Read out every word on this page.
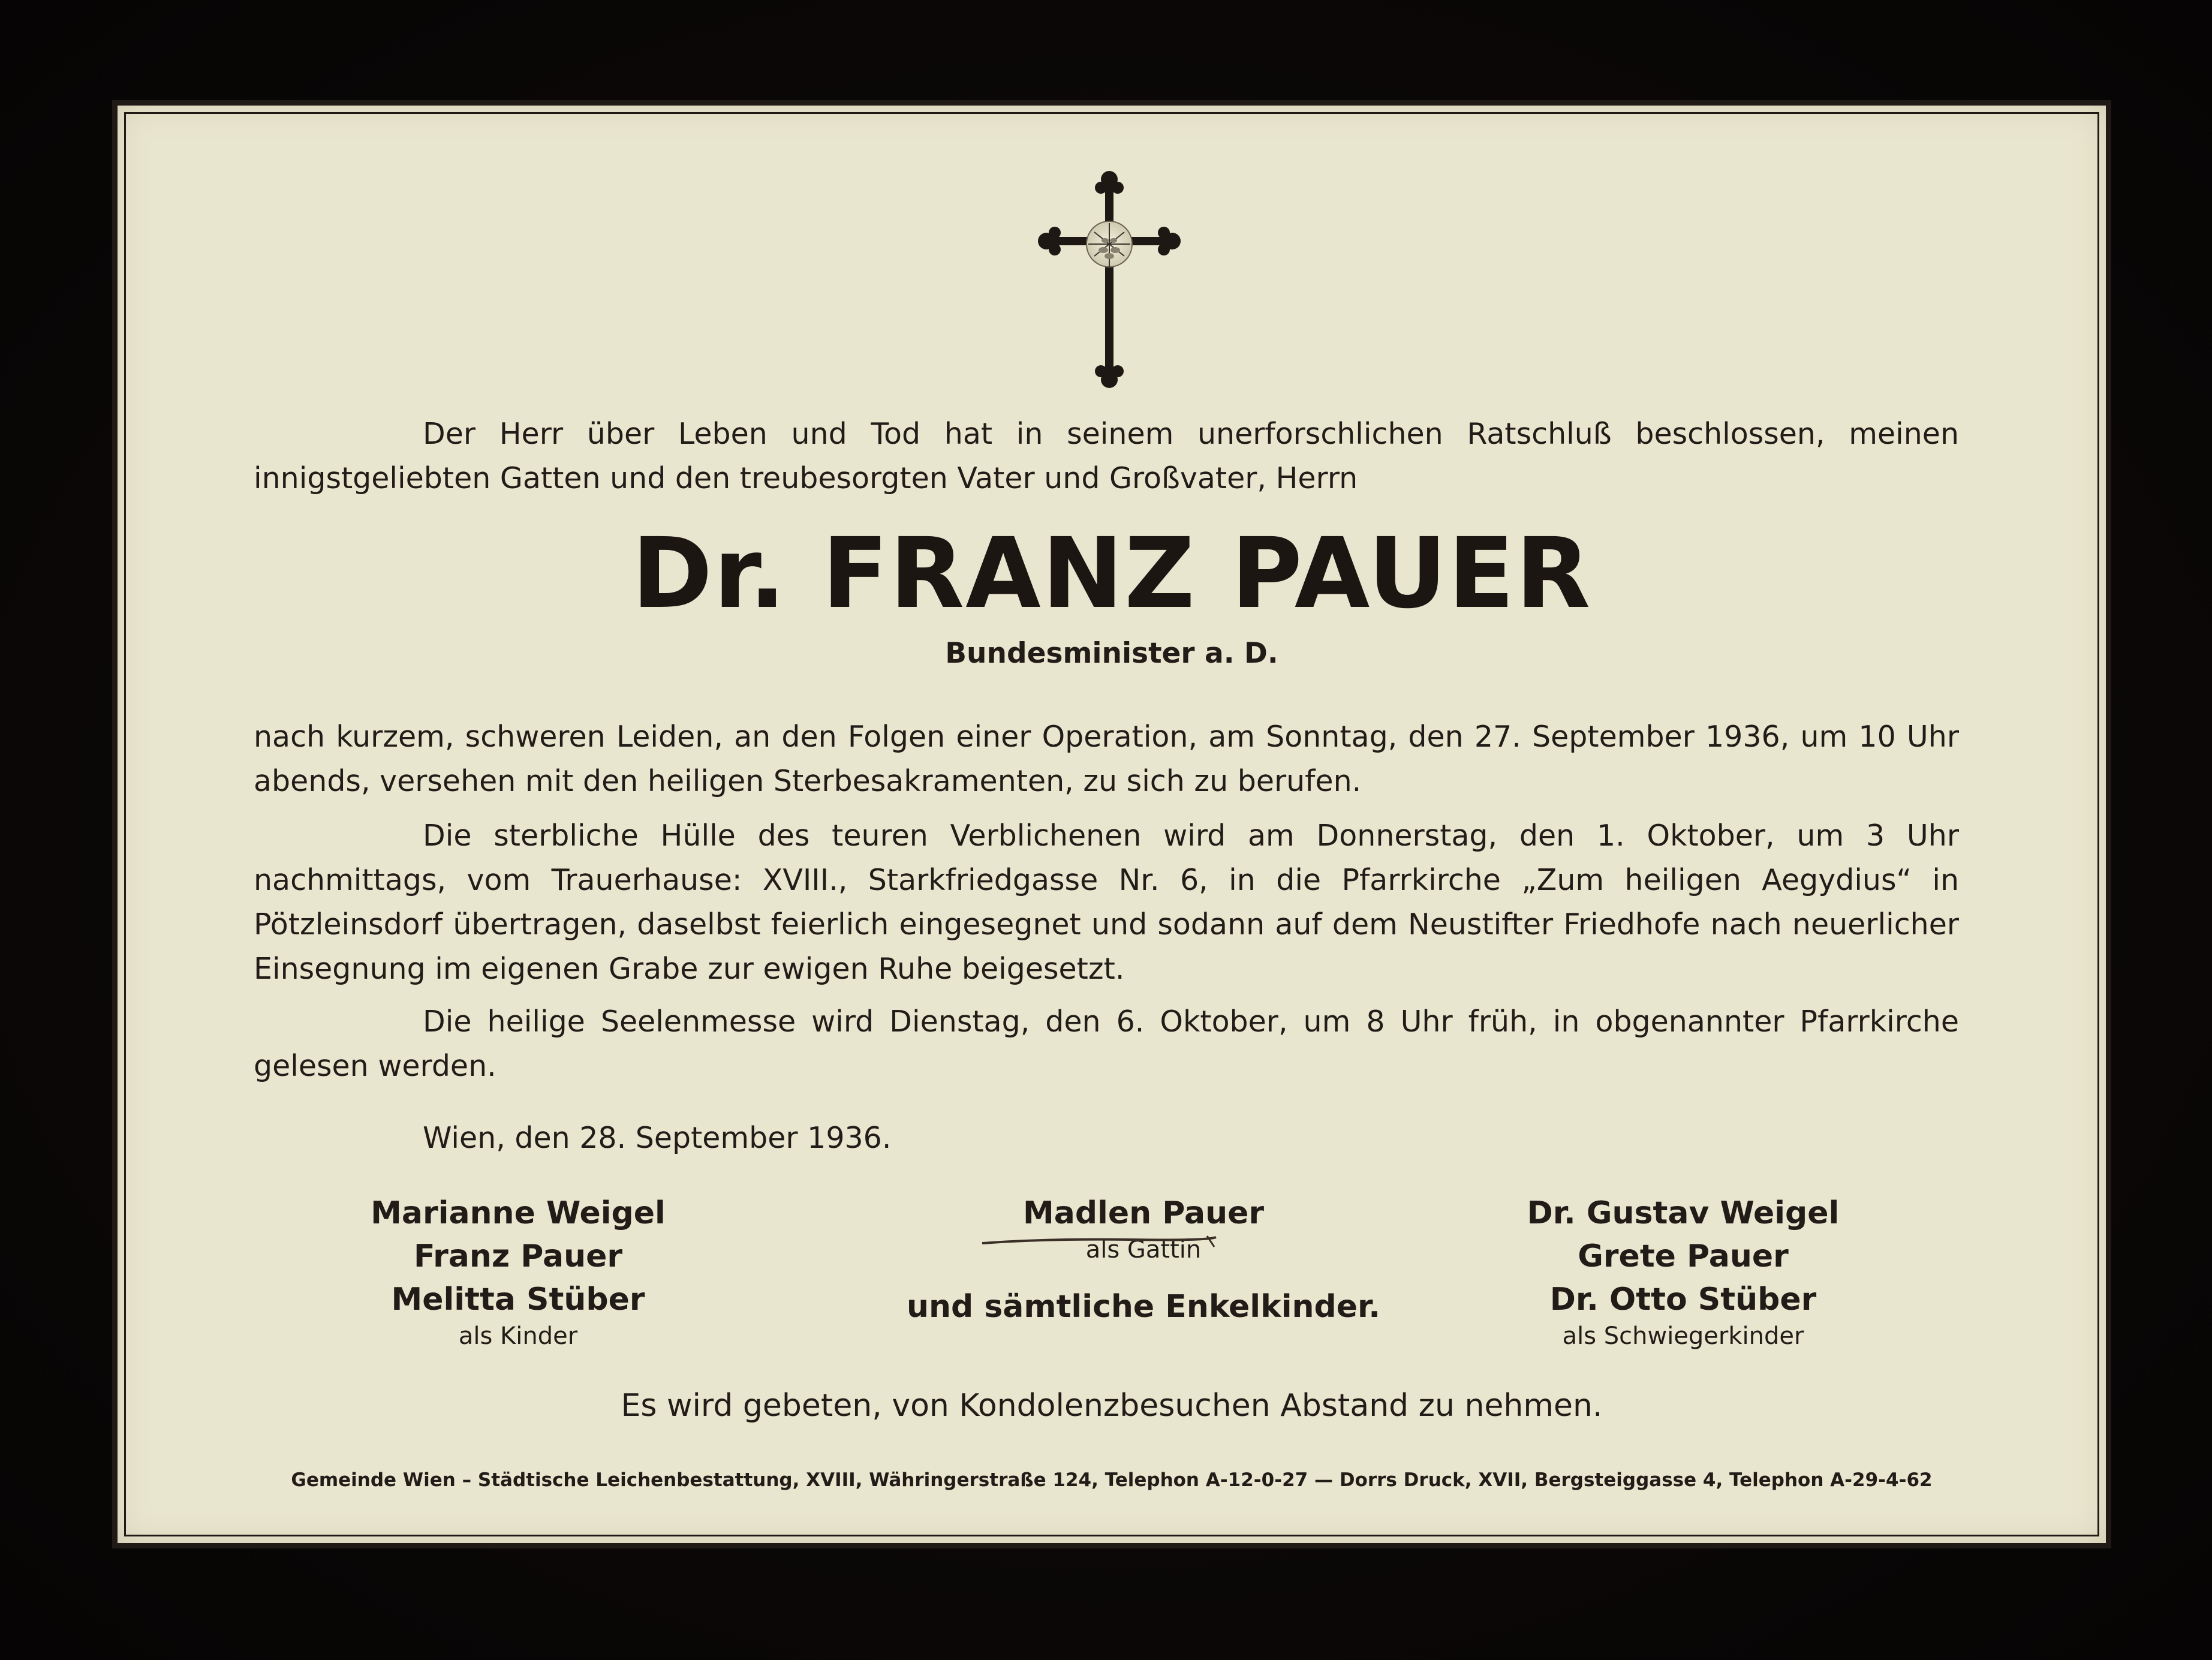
Der Herr über Leben und Tod hat in seinem unerforschlichen Ratschluß beschlossen, meinen innigstgeliebten Gatten und den treubesorgten Vater und Großvater, Herrn

Dr. FRANZ PAUER

Bundesminister a. D.

nach kurzem, schweren Leiden, an den Folgen einer Operation, am Sonntag, den 27. September 1936, um 10 Uhr abends, versehen mit den heiligen Sterbesakramenten, zu sich zu berufen.

Die sterbliche Hülle des teuren Verblichenen wird am Donnerstag, den 1. Oktober, um 3 Uhr nachmittags, vom Trauerhause: XVIII., Starkfriedgasse Nr. 6, in die Pfarrkirche „Zum heiligen Aegydius“ in Pötzleinsdorf übertragen, daselbst feierlich eingesegnet und sodann auf dem Neustifter Friedhofe nach neuerlicher Einsegnung im eigenen Grabe zur ewigen Ruhe beigesetzt.

Die heilige Seelenmesse wird Dienstag, den 6. Oktober, um 8 Uhr früh, in obgenannter Pfarrkirche gelesen werden.

Wien, den 28. September 1936.

Marianne Weigel
Franz Pauer
Melitta Stüber
als Kinder
Madlen Pauer
als Gattin
und sämtliche Enkelkinder.
Dr. Gustav Weigel
Grete Pauer
Dr. Otto Stüber
als Schwiegerkinder

Es wird gebeten, von Kondolenzbesuchen Abstand zu nehmen.

Gemeinde Wien – Städtische Leichenbestattung, XVIII, Währingerstraße 124, Telephon A-12-0-27 — Dorrs Druck, XVII, Bergsteiggasse 4, Telephon A-29-4-62
